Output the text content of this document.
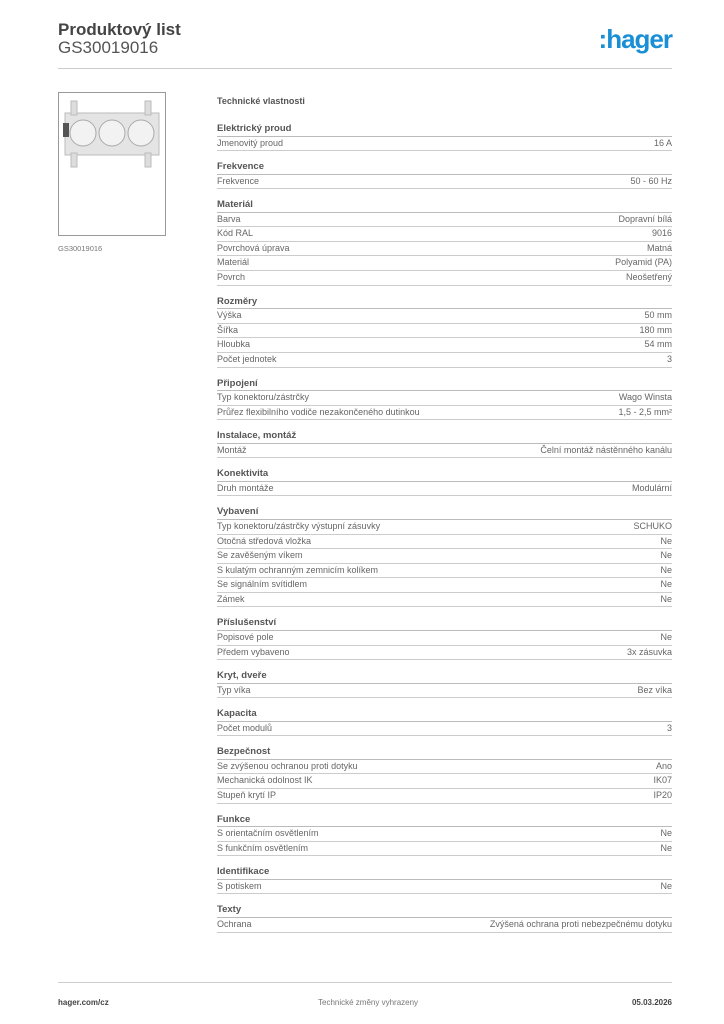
Produktový list
GS30019016	:hager
GS30019016
Technické vlastnosti
Elektrický proud
Jmenovitý proud	16 A
Frekvence
Frekvence	50 - 60 Hz
Materiál
Barva	Dopravní bílá
Kód RAL	9016
Povrchová úprava	Matná
Materiál	Polyamid (PA)
Povrch	Neošetřený
Rozměry
Výška	50 mm
Šířka	180 mm
Hloubka	54 mm
Počet jednotek	3
Připojení
Typ konektoru/zástrčky	Wago Winsta
Průřez flexibilního vodiče nezakončeného dutinkou	1,5 - 2,5 mm²
Instalace, montáž
Montáž	Čelní montáž nástěnného kanálu
Konektivita
Druh montáže	Modulární
Vybavení
Typ konektoru/zástrčky výstupní zásuvky	SCHUKO
Otočná středová vložka	Ne
Se zavěšeným víkem	Ne
S kulatým ochranným zemnicím kolíkem	Ne
Se signálním svítidlem	Ne
Zámek	Ne
Příslušenství
Popisové pole	Ne
Předem vybaveno	3x zásuvka
Kryt, dveře
Typ víka	Bez víka
Kapacita
Počet modulů	3
Bezpečnost
Se zvýšenou ochranou proti dotyku	Ano
Mechanická odolnost IK	IK07
Stupeň krytí IP	IP20
Funkce
S orientačním osvětlením	Ne
S funkčním osvětlením	Ne
Identifikace
S potiskem	Ne
Texty
Ochrana	Zvýšená ochrana proti nebezpečnému dotyku
hager.com/cz	Technické změny vyhrazeny	05.03.2026
